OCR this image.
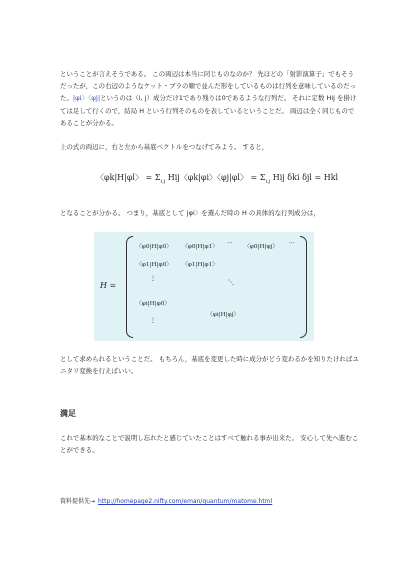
ということが言えそうである。 この両辺は本当に同じものなのか？ 先ほどの「射影演算子」でもそうだったが，この右辺のようなケット・ブラの順で並んだ形をしているものは行列を意味しているのだった。|φi〉〈φj|というのは（i, j）成分だけ1であり残りは0であるような行列だ。 それに定数 Hij を掛けては足して行くので，結局 H という行列そのものを表しているということだ。 両辺は全く同じものであることが分かる。

上の式の両辺に，右と左から基底ベクトルをつなげてみよう。 すると，

〈φk|H|φl〉 = $\Sigma_{i,j}$ Hij〈φk|φi〉〈φj|φl〉 = $\Sigma_{i,j}$ Hij δki δjl = Hkl

となることが分かる。 つまり，基底として |φi〉を選んだ時の H の具体的な行列成分は，

H =
〈φ0|H|φ0〉 〈φ0|H|φ1〉 ··· 〈φ0|H|φj〉 ···
〈φ1|H|φ0〉 〈φ1|H|φ1〉
⋮
⋱
〈φi|H|φ0〉
〈φi|H|φj〉
⋮

として求められるということだ。 もちろん，基底を変更した時に成分がどう変わるかを知りたければユニタリ変換を行えばいい。

満足

これで基本的なことで説明し忘れたと感じていたことはすべて触れる事が出来た。 安心して先へ進むことができる。

資料提供先→ http://homepage2.nifty.com/eman/quantum/matome.html
